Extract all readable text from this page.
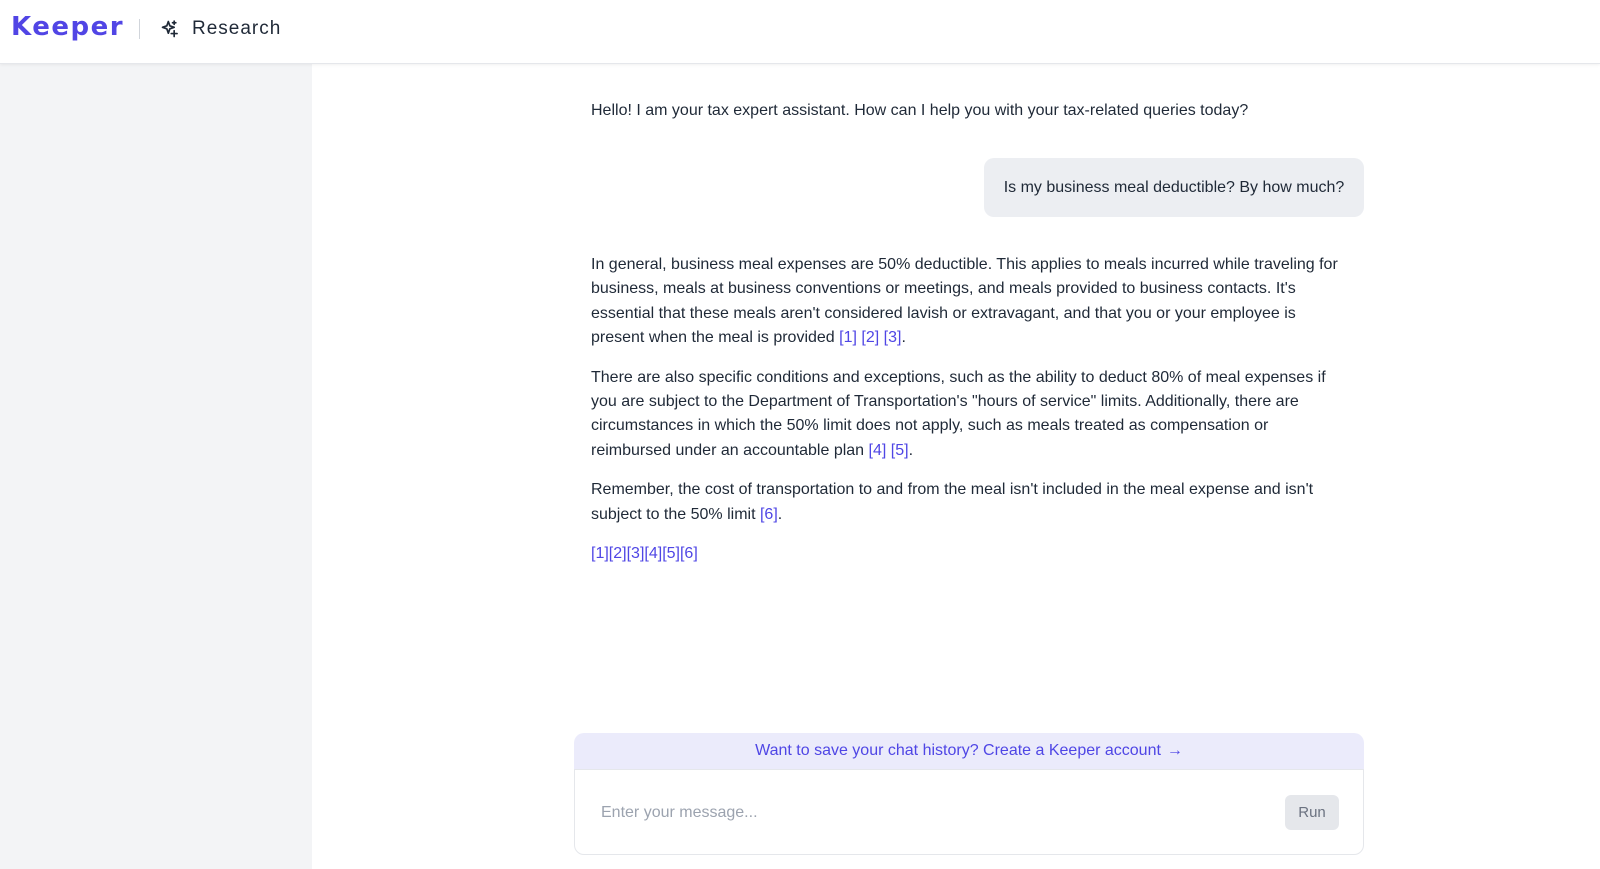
Keeper	Research
Hello! I am your tax expert assistant. How can I help you with your tax-related queries today?
Is my business meal deductible? By how much?

In general, business meal expenses are 50% deductible. This applies to meals incurred while traveling for business, meals at business conventions or meetings, and meals provided to business contacts. It's essential that these meals aren't considered lavish or extravagant, and that you or your employee is present when the meal is provided [1] [2] [3].

There are also specific conditions and exceptions, such as the ability to deduct 80% of meal expenses if you are subject to the Department of Transportation's "hours of service" limits. Additionally, there are circumstances in which the 50% limit does not apply, such as meals treated as compensation or reimbursed under an accountable plan [4] [5].

Remember, the cost of transportation to and from the meal isn't included in the meal expense and isn't subject to the 50% limit [6].

[1][2][3][4][5][6]

Want to save your chat history? Create a Keeper account →
Enter your message...
Run
